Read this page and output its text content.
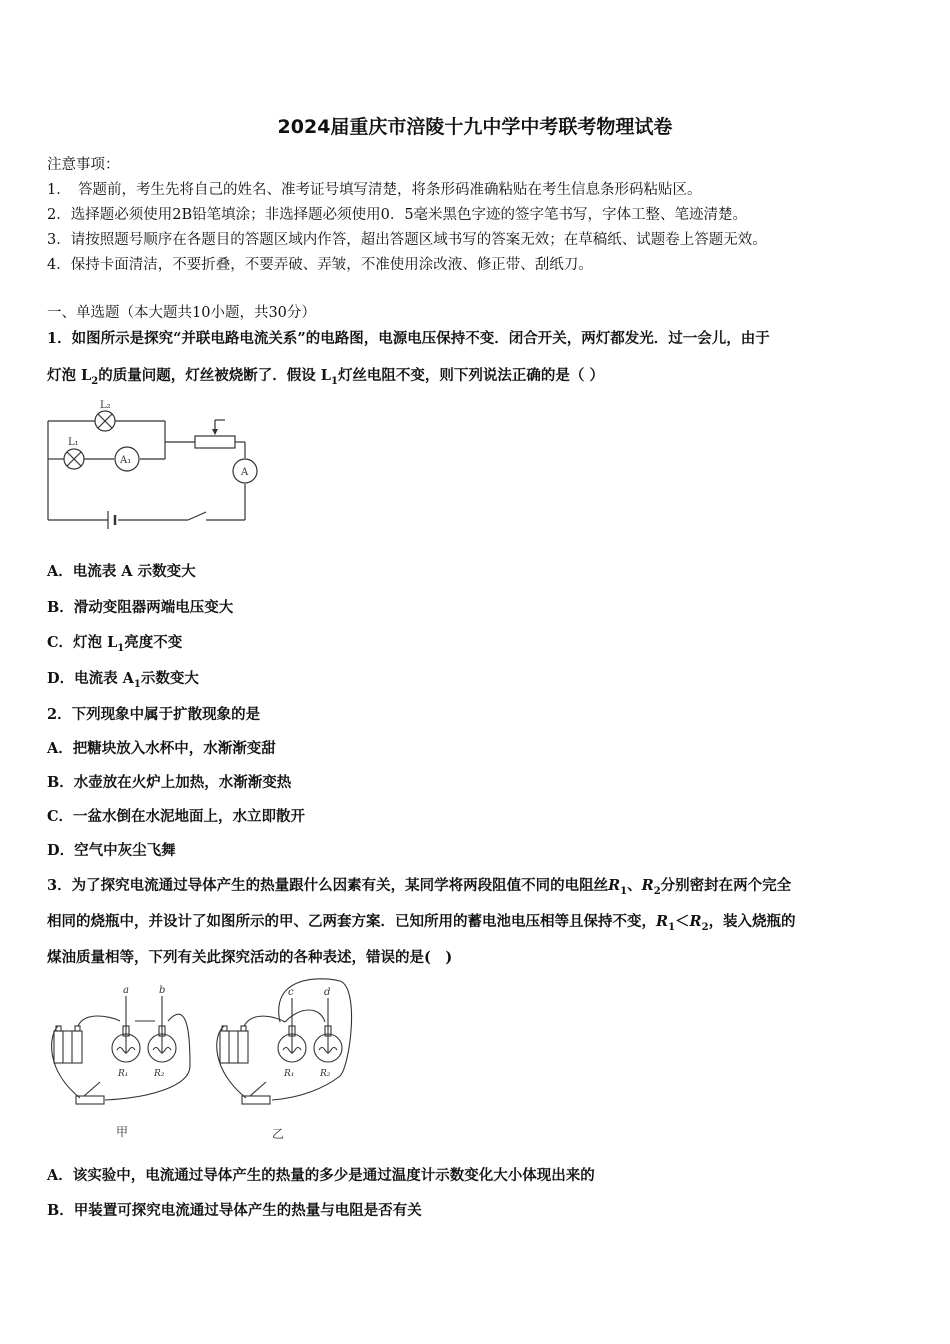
2024届重庆市涪陵十九中学中考联考物理试卷
注意事项：
1．　答题前，考生先将自己的姓名、准考证号填写清楚，将条形码准确粘贴在考生信息条形码粘贴区。
2．选择题必须使用2B铅笔填涂；非选择题必须使用0．5毫米黑色字迹的签字笔书写，字体工整、笔迹清楚。
3．请按照题号顺序在各题目的答题区域内作答，超出答题区域书写的答案无效；在草稿纸、试题卷上答题无效。
4．保持卡面清洁，不要折叠，不要弄破、弄皱，不准使用涂改液、修正带、刮纸刀。
一、单选题（本大题共10小题，共30分）
1．如图所示是探究“并联电路电流关系”的电路图，电源电压保持不变．闭合开关，两灯都发光．过一会儿，由于
灯泡 $L_2$的质量问题，灯丝被烧断了．假设 $L_1$灯丝电阻不变，则下列说法正确的是（ ）
L₂
L₁
A₁
A
A．电流表 A 示数变大
B．滑动变阻器两端电压变大
C．灯泡 $L_1$亮度不变
D．电流表 $A_1$示数变大
2．下列现象中属于扩散现象的是
A．把糖块放入水杯中，水渐渐变甜
B．水壶放在火炉上加热，水渐渐变热
C．一盆水倒在水泥地面上，水立即散开
D．空气中灰尘飞舞
3．为了探究电流通过导体产生的热量跟什么因素有关，某同学将两段阻值不同的电阻丝$R_1$、$R_2$分别密封在两个完全
相同的烧瓶中，并设计了如图所示的甲、乙两套方案．已知所用的蓄电池电压相等且保持不变，$R_1<R_2$，装入烧瓶的
煤油质量相等，下列有关此探究活动的各种表述，错误的是(　)
a	b
R₁	R₂
c	d
R₁	R₂
甲	乙
A．该实验中，电流通过导体产生的热量的多少是通过温度计示数变化大小体现出来的
B．甲装置可探究电流通过导体产生的热量与电阻是否有关
